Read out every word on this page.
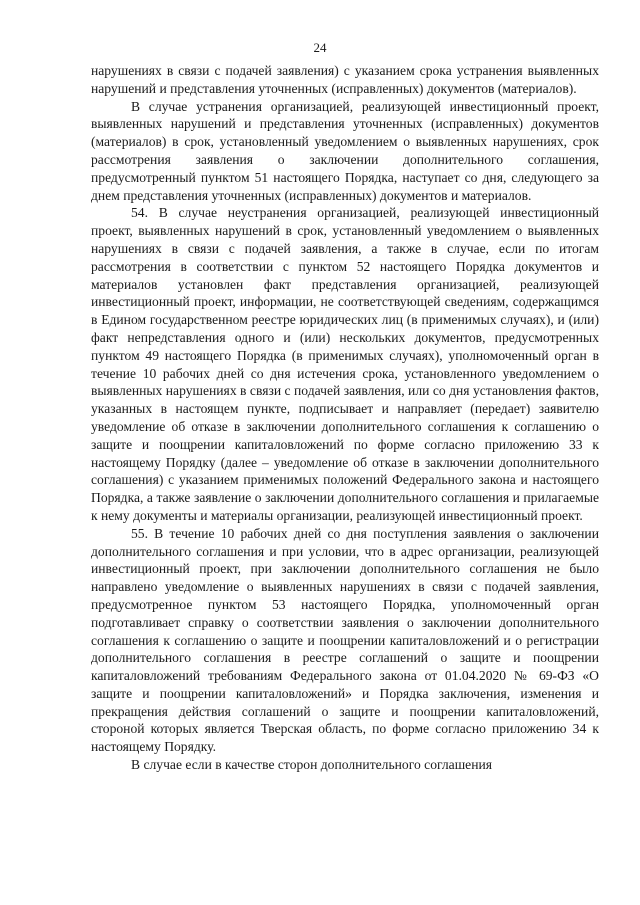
24

нарушениях в связи с подачей заявления) с указанием срока устранения выявленных нарушений и представления уточненных (исправленных) документов (материалов).

В случае устранения организацией, реализующей инвестиционный проект, выявленных нарушений и представления уточненных (исправленных) документов (материалов) в срок, установленный уведомлением о выявленных нарушениях, срок рассмотрения заявления о заключении дополнительного соглашения, предусмотренный пунктом 51 настоящего Порядка, наступает со дня, следующего за днем представления уточненных (исправленных) документов и материалов.

54. В случае неустранения организацией, реализующей инвестиционный проект, выявленных нарушений в срок, установленный уведомлением о выявленных нарушениях в связи с подачей заявления, а также в случае, если по итогам рассмотрения в соответствии с пунктом 52 настоящего Порядка документов и материалов установлен факт представления организацией, реализующей инвестиционный проект, информации, не соответствующей сведениям, содержащимся в Едином государственном реестре юридических лиц (в применимых случаях), и (или) факт непредставления одного и (или) нескольких документов, предусмотренных пунктом 49 настоящего Порядка (в применимых случаях), уполномоченный орган в течение 10 рабочих дней со дня истечения срока, установленного уведомлением о выявленных нарушениях в связи с подачей заявления, или со дня установления фактов, указанных в настоящем пункте, подписывает и направляет (передает) заявителю уведомление об отказе в заключении дополнительного соглашения к соглашению о защите и поощрении капиталовложений по форме согласно приложению 33 к настоящему Порядку (далее – уведомление об отказе в заключении дополнительного соглашения) с указанием применимых положений Федерального закона и настоящего Порядка, а также заявление о заключении дополнительного соглашения и прилагаемые к нему документы и материалы организации, реализующей инвестиционный проект.

55. В течение 10 рабочих дней со дня поступления заявления о заключении дополнительного соглашения и при условии, что в адрес организации, реализующей инвестиционный проект, при заключении дополнительного соглашения не было направлено уведомление о выявленных нарушениях в связи с подачей заявления, предусмотренное пунктом 53 настоящего Порядка, уполномоченный орган подготавливает справку о соответствии заявления о заключении дополнительного соглашения к соглашению о защите и поощрении капиталовложений и о регистрации дополнительного соглашения в реестре соглашений о защите и поощрении капиталовложений требованиям Федерального закона от 01.04.2020 № 69-ФЗ «О защите и поощрении капиталовложений» и Порядка заключения, изменения и прекращения действия соглашений о защите и поощрении капиталовложений, стороной которых является Тверская область, по форме согласно приложению 34 к настоящему Порядку.

В случае если в качестве сторон дополнительного соглашения
